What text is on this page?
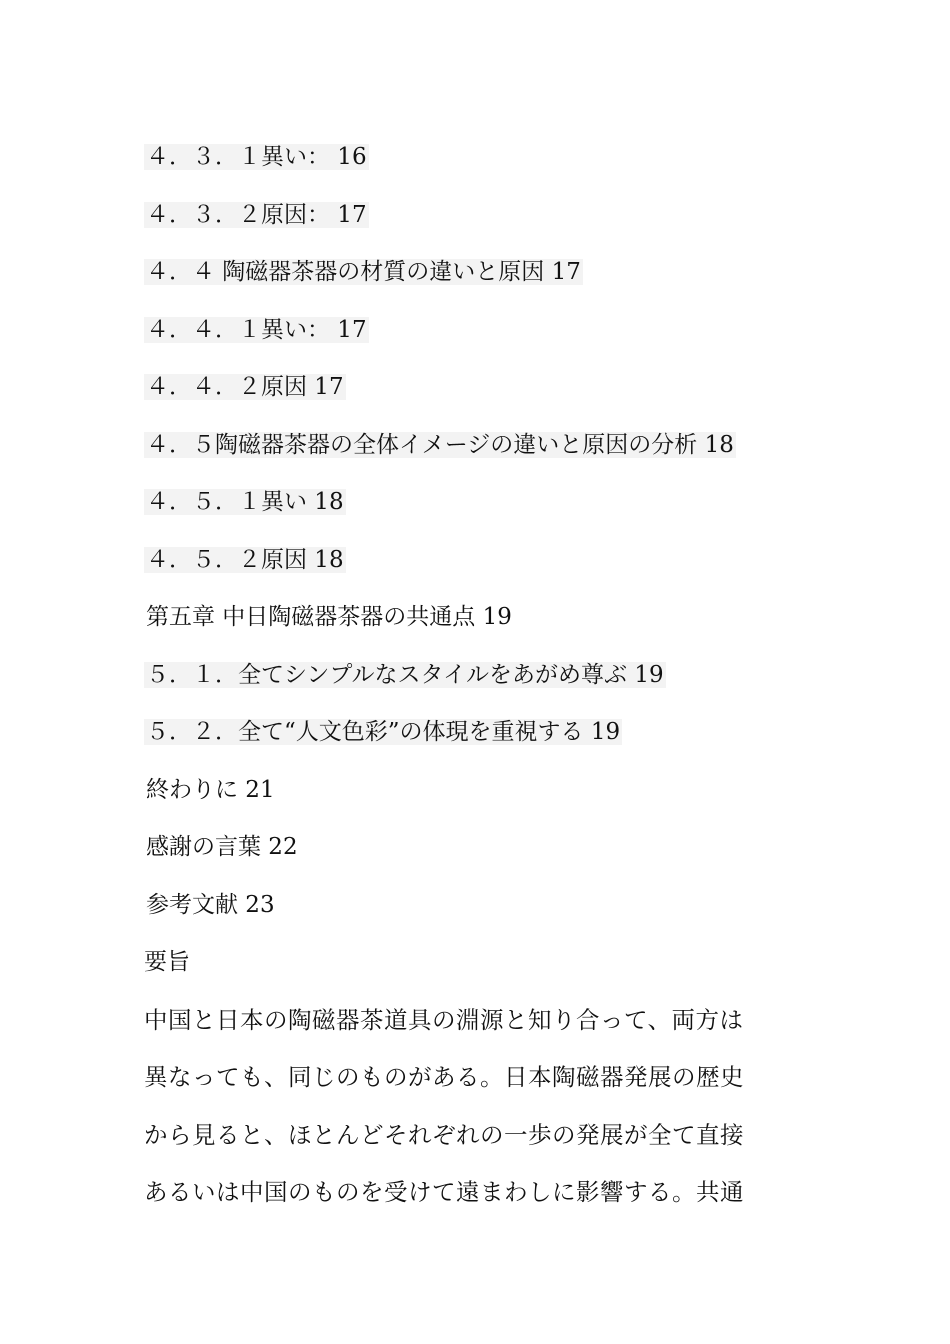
４．３．１異い： 16
４．３．２原因： 17
４．４ 陶磁器茶器の材質の違いと原因 17
４．４．１異い： 17
４．４．２原因 17
４．５陶磁器茶器の全体イメージの違いと原因の分析 18
４．５．１異い 18
４．５．２原因 18
第五章 中日陶磁器茶器の共通点 19
５．１．全てシンプルなスタイルをあがめ尊ぶ 19
５．２．全て“人文色彩”の体現を重視する 19
終わりに 21
感謝の言葉 22
参考文献 23
要旨
中国と日本の陶磁器茶道具の淵源と知り合って、両方は
異なっても、同じのものがある。日本陶磁器発展の歴史
から見ると、ほとんどそれぞれの一歩の発展が全て直接
あるいは中国のものを受けて遠まわしに影響する。共通
